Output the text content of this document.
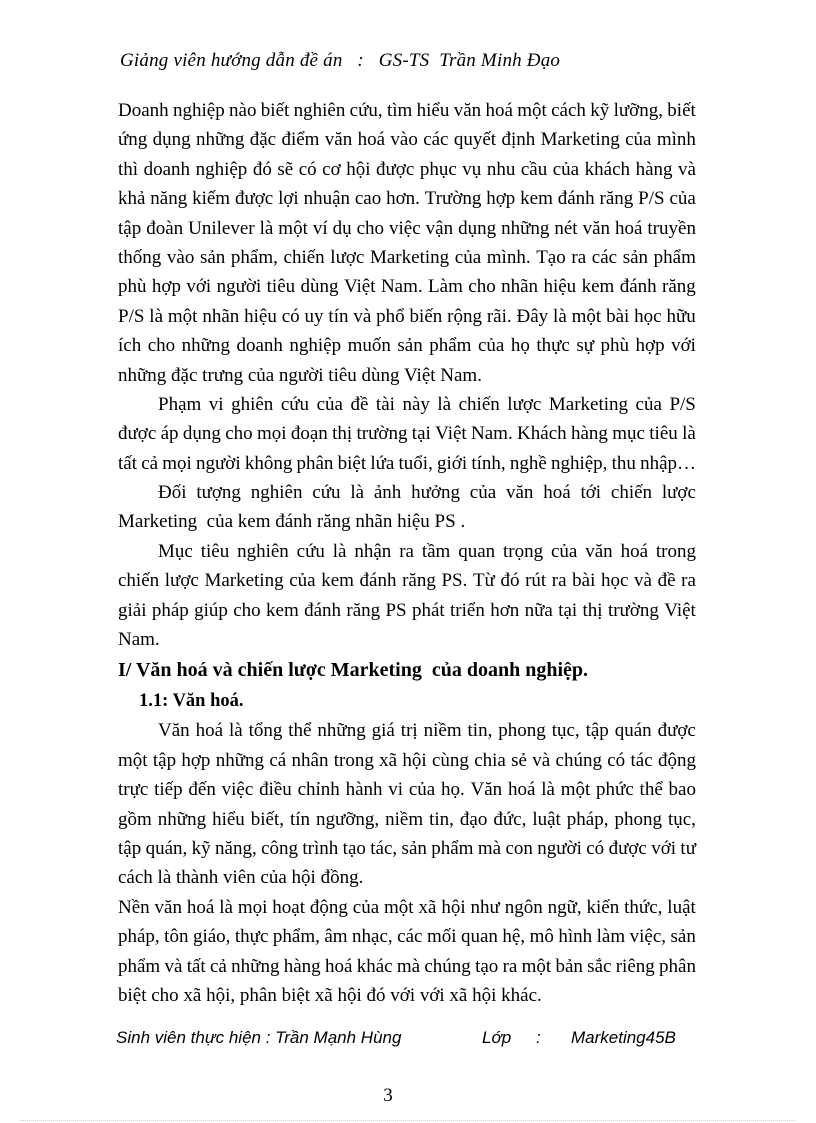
Giảng viên hướng dẫn đề án   :   GS-TS  Trần Minh Đạo
Doanh nghiệp nào biết nghiên cứu, tìm hiểu văn hoá một cách kỹ lưỡng, biết
ứng dụng những đặc điểm văn hoá vào các quyết định Marketing của mình
thì doanh nghiệp đó sẽ có cơ hội được phục vụ nhu cầu của khách hàng và
khả năng kiếm được lợi nhuận cao hơn. Trường hợp kem đánh răng P/S của
tập đoàn Unilever là một ví dụ cho việc vận dụng những nét văn hoá truyền
thống vào sản phẩm, chiến lược Marketing của mình. Tạo ra các sản phẩm
phù hợp với người tiêu dùng Việt Nam. Làm cho nhãn hiệu kem đánh răng
P/S là một nhãn hiệu có uy tín và phổ biến rộng rãi. Đây là một bài học hữu
ích cho những doanh nghiệp muốn sản phẩm của họ thực sự phù hợp với
những đặc trưng của người tiêu dùng Việt Nam.
Phạm vi ghiên cứu của đề tài này là chiến lược Marketing của P/S
được áp dụng cho mọi đoạn thị trường tại Việt Nam. Khách hàng mục tiêu là
tất cả mọi người không phân biệt lứa tuổi, giới tính, nghề nghiệp, thu nhập…
Đối tượng nghiên cứu là ảnh hưởng của văn hoá tới chiến lược
Marketing  của kem đánh răng nhãn hiệu PS .
Mục tiêu nghiên cứu là nhận ra tầm quan trọng của văn hoá trong
chiến lược Marketing của kem đánh răng PS. Từ đó rút ra bài học và đề ra
giải pháp giúp cho kem đánh răng PS phát triển hơn nữa tại thị trường Việt
Nam.
I/ Văn hoá và chiến lược Marketing  của doanh nghiệp.
1.1: Văn hoá.
Văn hoá là tổng thể những giá trị niềm tin, phong tục, tập quán được
một tập hợp những cá nhân trong xã hội cùng chia sẻ và chúng có tác động
trực tiếp đến việc điều chỉnh hành vi của họ. Văn hoá là một phức thể bao
gồm những hiểu biết, tín ngưỡng, niềm tin, đạo đức, luật pháp, phong tục,
tập quán, kỹ năng, công trình tạo tác, sản phẩm mà con người có được với tư
cách là thành viên của hội đồng.
Nền văn hoá là mọi hoạt động của một xã hội như ngôn ngữ, kiến thức, luật
pháp, tôn giáo, thực phẩm, âm nhạc, các mối quan hệ, mô hình làm việc, sản
phẩm và tất cả những hàng hoá khác mà chúng tạo ra một bản sắc riêng phân
biệt cho xã hội, phân biệt xã hội đó với với xã hội khác.
Sinh viên thực hiện : Trần Mạnh Hùng	Lớp : Marketing45B
3
